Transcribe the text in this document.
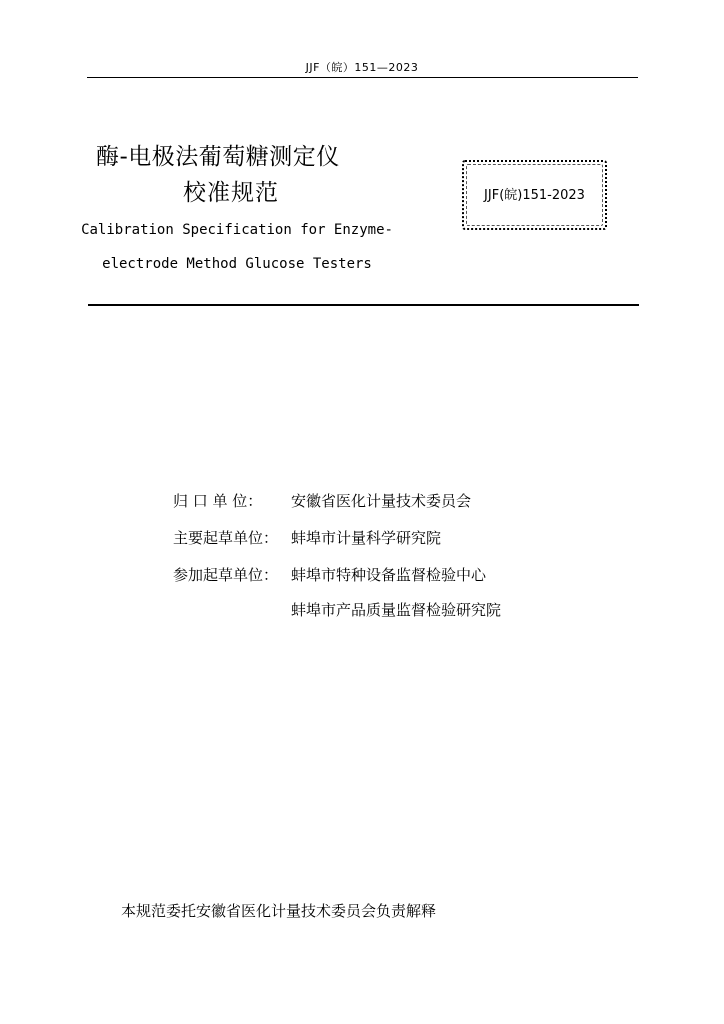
JJF（皖）151—2023
酶-电极法葡萄糖测定仪
校准规范
Calibration Specification for Enzyme-
electrode Method Glucose Testers
JJF(皖)151-2023
归 口 单 位： 安徽省医化计量技术委员会
主要起草单位： 蚌埠市计量科学研究院
参加起草单位： 蚌埠市特种设备监督检验中心
蚌埠市产品质量监督检验研究院
本规范委托安徽省医化计量技术委员会负责解释
